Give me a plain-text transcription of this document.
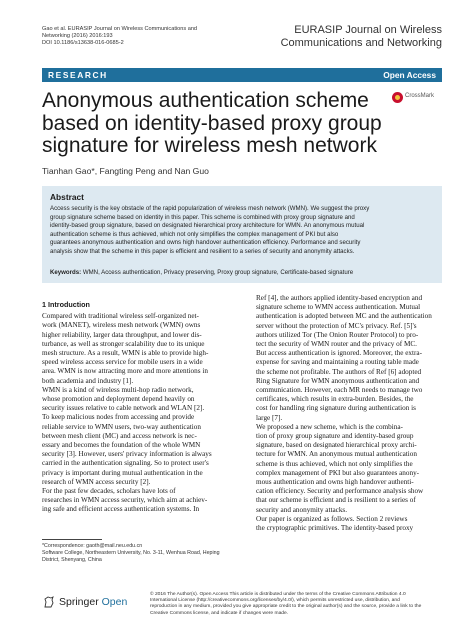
Gao et al. EURASIP Journal on Wireless Communications and
Networking (2016) 2016:193
DOI 10.1186/s13638-016-0685-2
EURASIP Journal on Wireless
Communications and Networking
RESEARCH	Open Access
Anonymous authentication scheme
based on identity-based proxy group
signature for wireless mesh network
CrossMark
Tianhan Gao*, Fangting Peng and Nan Guo
Abstract
Access security is the key obstacle of the rapid popularization of wireless mesh network (WMN). We suggest the proxy
group signature scheme based on identity in this paper. This scheme is combined with proxy group signature and
identity-based group signature, based on designated hierarchical proxy architecture for WMN. An anonymous mutual
authentication scheme is thus achieved, which not only simplifies the complex management of PKI but also
guarantees anonymous authentication and owns high handover authentication efficiency. Performance and security
analysis show that the scheme in this paper is efficient and resilient to a series of security and anonymity attacks.
Keywords: WMN, Access authentication, Privacy preserving, Proxy group signature, Certificate-based signature
1 Introduction
Compared with traditional wireless self-organized net-
work (MANET), wireless mesh network (WMN) owns
higher reliability, larger data throughput, and lower dis-
turbance, as well as stronger scalability due to its unique
mesh structure. As a result, WMN is able to provide high-
speed wireless access service for mobile users in a wide
area. WMN is now attracting more and more attentions in
both academia and industry [1].
WMN is a kind of wireless multi-hop radio network,
whose promotion and deployment depend heavily on
security issues relative to cable network and WLAN [2].
To keep malicious nodes from accessing and provide
reliable service to WMN users, two-way authentication
between mesh client (MC) and access network is nec-
essary and becomes the foundation of the whole WMN
security [3]. However, users' privacy information is always
carried in the authentication signaling. So to protect user's
privacy is important during mutual authentication in the
research of WMN access security [2].
For the past few decades, scholars have lots of
researches in WMN access security, which aim at achiev-
ing safe and efficient access authentication systems. In
Ref [4], the authors applied identity-based encryption and
signature scheme to WMN access authentication. Mutual
authentication is adopted between MC and the authentication
server without the protection of MC's privacy. Ref. [5]'s
authors utilized Tor (The Onion Router Protocol) to pro-
tect the security of WMN router and the privacy of MC.
But access authentication is ignored. Moreover, the extra-
expense for saving and maintaining a routing table made
the scheme not profitable. The authors of Ref [6] adopted
Ring Signature for WMN anonymous authentication and
communication. However, each MR needs to manage two
certificates, which results in extra-burden. Besides, the
cost for handling ring signature during authentication is
large [7].
We proposed a new scheme, which is the combina-
tion of proxy group signature and identity-based group
signature, based on designated hierarchical proxy archi-
tecture for WMN. An anonymous mutual authentication
scheme is thus achieved, which not only simplifies the
complex management of PKI but also guarantees anony-
mous authentication and owns high handover authenti-
cation efficiency. Security and performance analysis show
that our scheme is efficient and is resilient to a series of
security and anonymity attacks.
Our paper is organized as follows. Section 2 reviews
the cryptographic primitives. The identity-based proxy
*Correspondence: gaoth@mail.neu.edu.cn
Software College, Northeastern University, No. 3-11, Wenhua Road, Heping
District, Shenyang, China
Springer Open
© 2016 The Author(s). Open Access This article is distributed under the terms of the Creative Commons Attribution 4.0
International License (http://creativecommons.org/licenses/by/4.0/), which permits unrestricted use, distribution, and
reproduction in any medium, provided you give appropriate credit to the original author(s) and the source, provide a link to the
Creative Commons license, and indicate if changes were made.
